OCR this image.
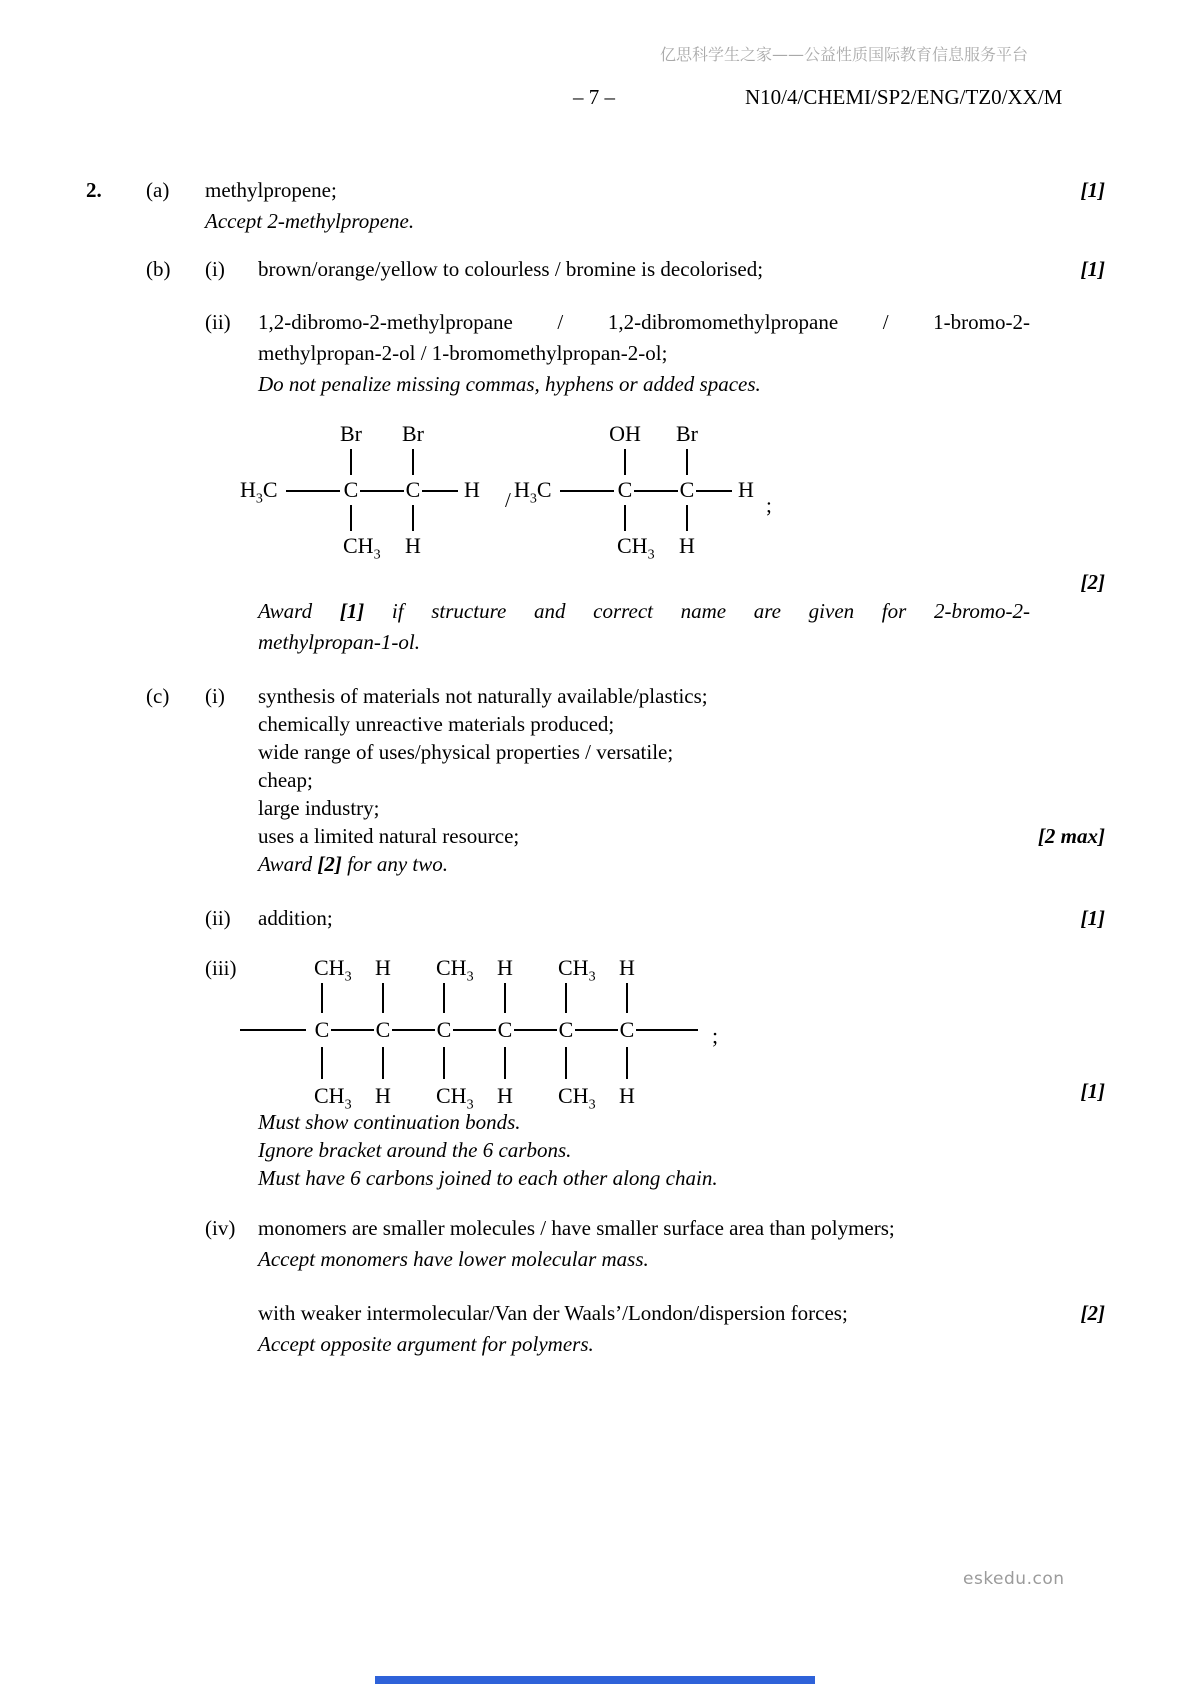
亿思科学生之家——公益性质国际教育信息服务平台
– 7 –	N10/4/CHEMI/SP2/ENG/TZ0/XX/M
2. (a) methylpropene;	[1]
Accept 2-methylpropene.
(b) (i) brown/orange/yellow to colourless / bromine is decolorised;	[1]
(ii) 1,2-dibromo-2-methylpropane / 1,2-dibromomethylpropane / 1-bromo-2-
methylpropan-2-ol / 1-bromomethylpropan-2-ol;
Do not penalize missing commas, hyphens or added spaces.
Br Br
$H_3C$	C C H
$CH_3$ H
/
OH Br
$H_3C$	C C H
$CH_3$ H
;
[2]
Award [1] if structure and correct name are given for 2-bromo-2-
methylpropan-1-ol.
(c) (i) synthesis of materials not naturally available/plastics;
chemically unreactive materials produced;
wide range of uses/physical properties / versatile;
cheap;
large industry;
uses a limited natural resource;	[2 max]
Award [2] for any two.
(ii) addition;	[1]
(iii)	$CH_3$ H $CH_3$ H $CH_3$ H
C C C C C C
$CH_3$ H $CH_3$ H $CH_3$ H
;
[1]
Must show continuation bonds.
Ignore bracket around the 6 carbons.
Must have 6 carbons joined to each other along chain.
(iv) monomers are smaller molecules / have smaller surface area than polymers;
Accept monomers have lower molecular mass.
with weaker intermolecular/Van der Waals’/London/dispersion forces;	[2]
Accept opposite argument for polymers.
eskedu.con
